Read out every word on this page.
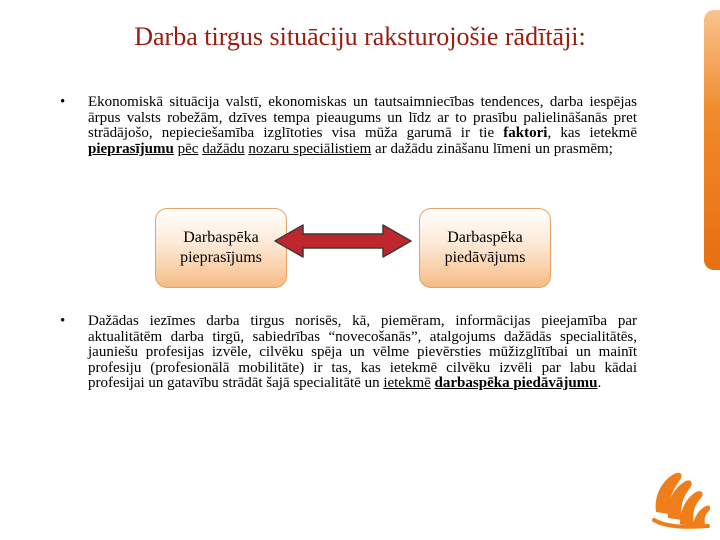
Darba tirgus situāciju raksturojošie rādītāji:
• Ekonomiskā situācija valstī, ekonomiskas un tautsaimniecības tendences, darba iespējas ārpus valsts robežām, dzīves tempa pieaugums un līdz ar to prasību palielināšanās pret strādājošo, nepieciešamība izglītoties visa mūža garumā ir tie faktori, kas ietekmē pieprasījumu pēc dažādu nozaru speciālistiem ar dažādu zināšanu līmeni un prasmēm;
Darbaspēka pieprasījums
Darbaspēka piedāvājums
• Dažādas iezīmes darba tirgus norisēs, kā, piemēram, informācijas pieejamība par aktualitātēm darba tirgū, sabiedrības “novecošanās”, atalgojums dažādās specialitātēs, jauniešu profesijas izvēle, cilvēku spēja un vēlme pievērsties mūžizglītībai un mainīt profesiju (profesionālā mobilitāte) ir tas, kas ietekmē cilvēku izvēli par labu kādai profesijai un gatavību strādāt šajā specialitātē un ietekmē darbaspēka piedāvājumu.
